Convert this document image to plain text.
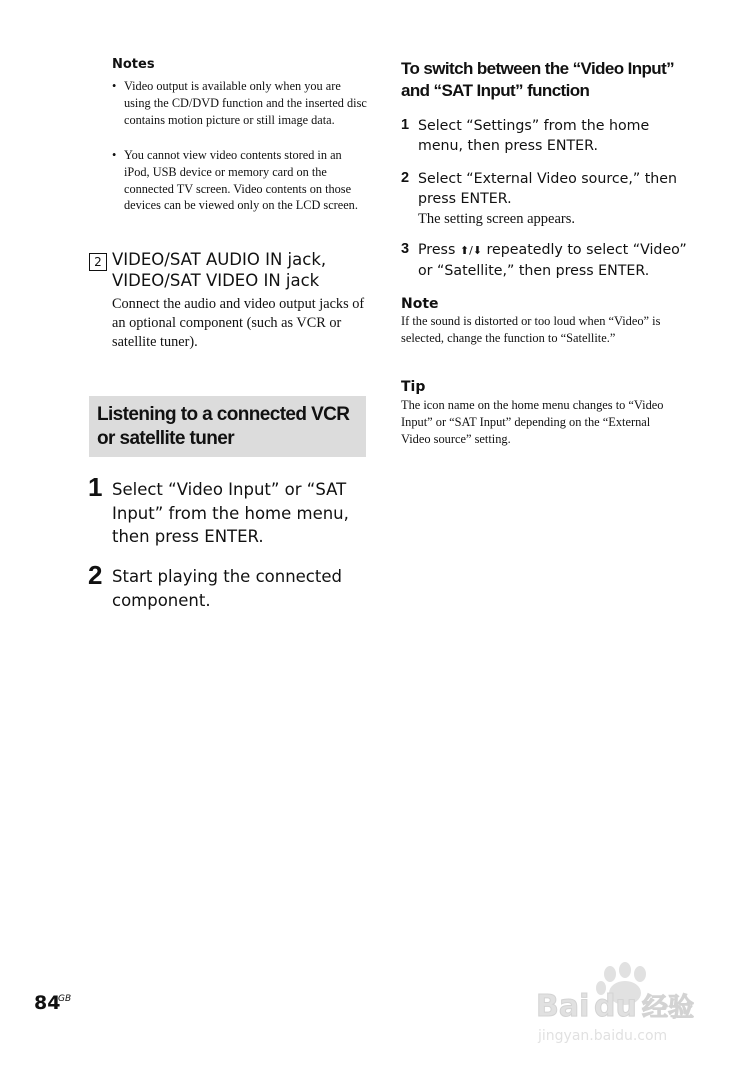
Notes
• Video output is available only when you are using the CD/DVD function and the inserted disc contains motion picture or still image data.
• You cannot view video contents stored in an iPod, USB device or memory card on the connected TV screen. Video contents on those devices can be viewed only on the LCD screen.
2 VIDEO/SAT AUDIO IN jack, VIDEO/SAT VIDEO IN jack
Connect the audio and video output jacks of an optional component (such as VCR or satellite tuner).
Listening to a connected VCR or satellite tuner
1 Select “Video Input” or “SAT Input” from the home menu, then press ENTER.
2 Start playing the connected component.
To switch between the “Video Input” and “SAT Input” function
1 Select “Settings” from the home menu, then press ENTER.
2 Select “External Video source,” then press ENTER.
The setting screen appears.
3 Press ⬆/⬇ repeatedly to select “Video” or “Satellite,” then press ENTER.
Note
If the sound is distorted or too loud when “Video” is selected, change the function to “Satellite.”
Tip
The icon name on the home menu changes to “Video Input” or “SAT Input” depending on the “External Video source” setting.
84
GB	Bai du 经验
jingyan.baidu.com
